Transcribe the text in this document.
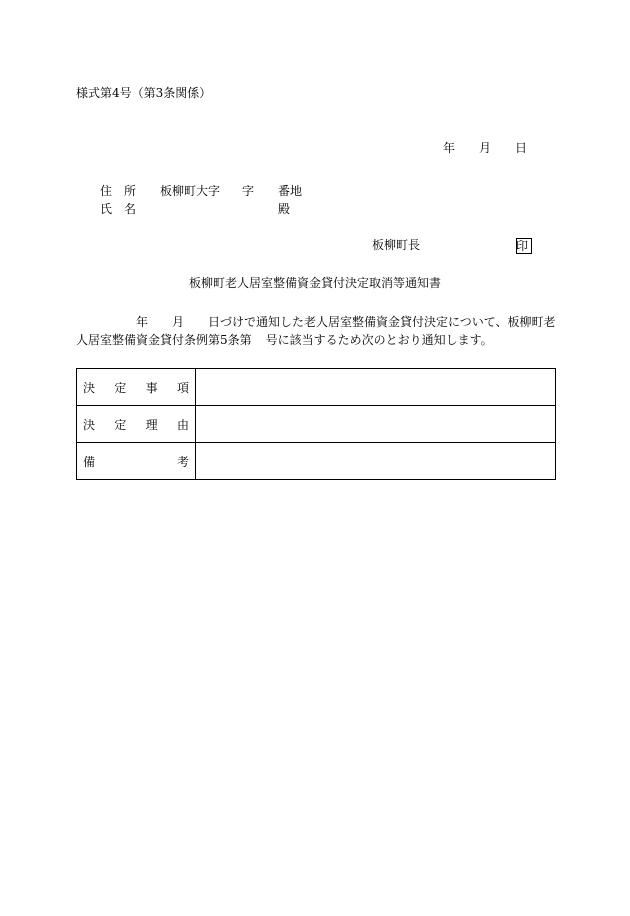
様式第4号（第3条関係）
年 月 日
住 所 板柳町大字 字 番地
氏 名	殿
板柳町長	印
板柳町老人居室整備資金貸付決定取消等通知書
年 月 日づけで通知した老人居室整備資金貸付決定について、板柳町老
人居室整備資金貸付条例第5条第 号に該当するため次のとおり通知します。
決 定 事 項	

決 定 理 由	

備 考	
